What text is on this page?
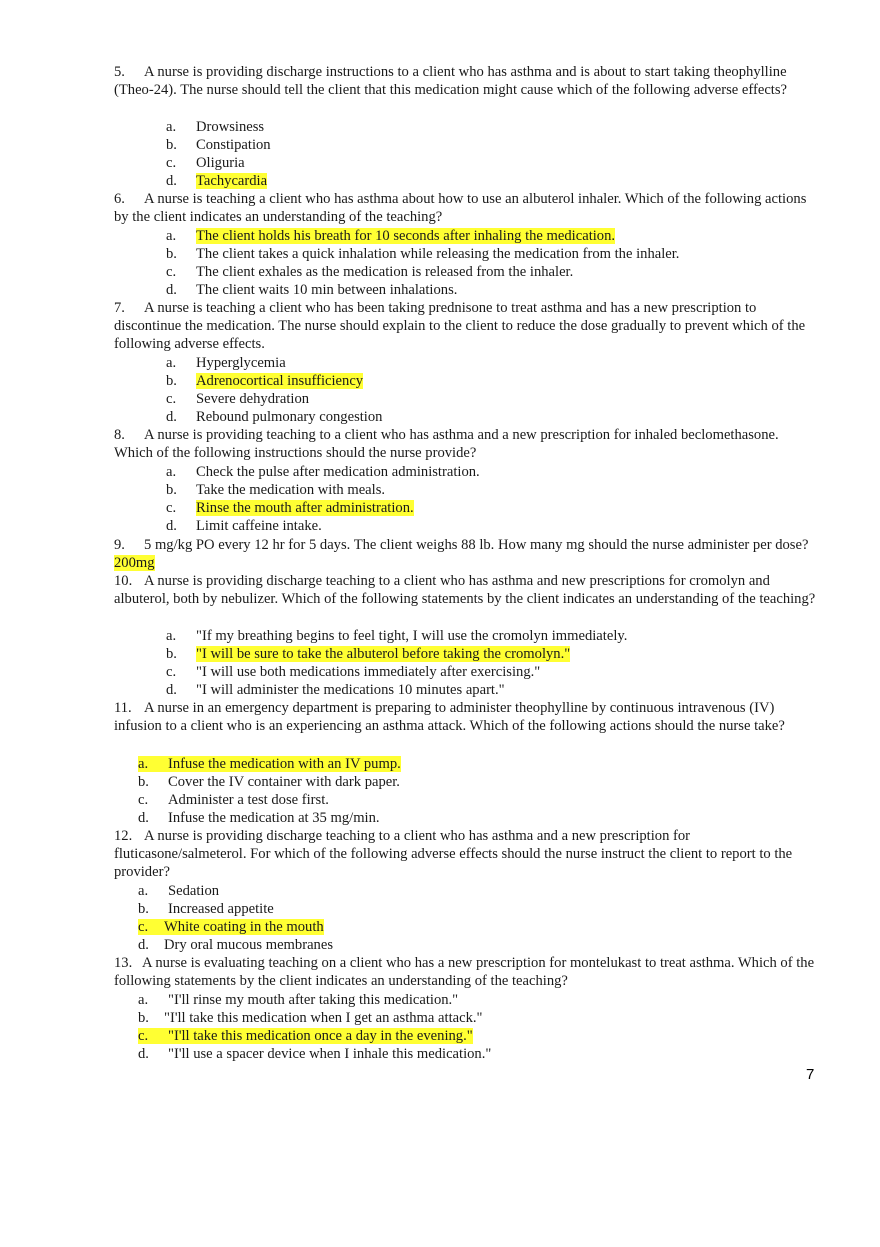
5. A nurse is providing discharge instructions to a client who has asthma and is about to start taking theophylline (Theo-24). The nurse should tell the client that this medication might cause which of the following adverse effects?
a. Drowsiness
b. Constipation
c. Oliguria
d. Tachycardia
6. A nurse is teaching a client who has asthma about how to use an albuterol inhaler. Which of the following actions by the client indicates an understanding of the teaching?
a. The client holds his breath for 10 seconds after inhaling the medication.
b. The client takes a quick inhalation while releasing the medication from the inhaler.
c. The client exhales as the medication is released from the inhaler.
d. The client waits 10 min between inhalations.
7. A nurse is teaching a client who has been taking prednisone to treat asthma and has a new prescription to discontinue the medication. The nurse should explain to the client to reduce the dose gradually to prevent which of the following adverse effects.
a. Hyperglycemia
b. Adrenocortical insufficiency
c. Severe dehydration
d. Rebound pulmonary congestion
8. A nurse is providing teaching to a client who has asthma and a new prescription for inhaled beclomethasone. Which of the following instructions should the nurse provide?
a. Check the pulse after medication administration.
b. Take the medication with meals.
c. Rinse the mouth after administration.
d. Limit caffeine intake.
9. 5 mg/kg PO every 12 hr for 5 days. The client weighs 88 lb. How many mg should the nurse administer per dose? 200mg
10. A nurse is providing discharge teaching to a client who has asthma and new prescriptions for cromolyn and albuterol, both by nebulizer. Which of the following statements by the client indicates an understanding of the teaching?
a. "If my breathing begins to feel tight, I will use the cromolyn immediately.
b. "I will be sure to take the albuterol before taking the cromolyn."
c. "I will use both medications immediately after exercising."
d. "I will administer the medications 10 minutes apart."
11. A nurse in an emergency department is preparing to administer theophylline by continuous intravenous (IV) infusion to a client who is an experiencing an asthma attack. Which of the following actions should the nurse take?
a. Infuse the medication with an IV pump.
b. Cover the IV container with dark paper.
c. Administer a test dose first.
d. Infuse the medication at 35 mg/min.
12. A nurse is providing discharge teaching to a client who has asthma and a new prescription for fluticasone/salmeterol. For which of the following adverse effects should the nurse instruct the client to report to the provider?
a. Sedation
b. Increased appetite
c. White coating in the mouth
d. Dry oral mucous membranes
13. A nurse is evaluating teaching on a client who has a new prescription for montelukast to treat asthma. Which of the following statements by the client indicates an understanding of the teaching?
a. "I'll rinse my mouth after taking this medication."
b. "I'll take this medication when I get an asthma attack."
c. "I'll take this medication once a day in the evening."
d. "I'll use a spacer device when I inhale this medication."
7
